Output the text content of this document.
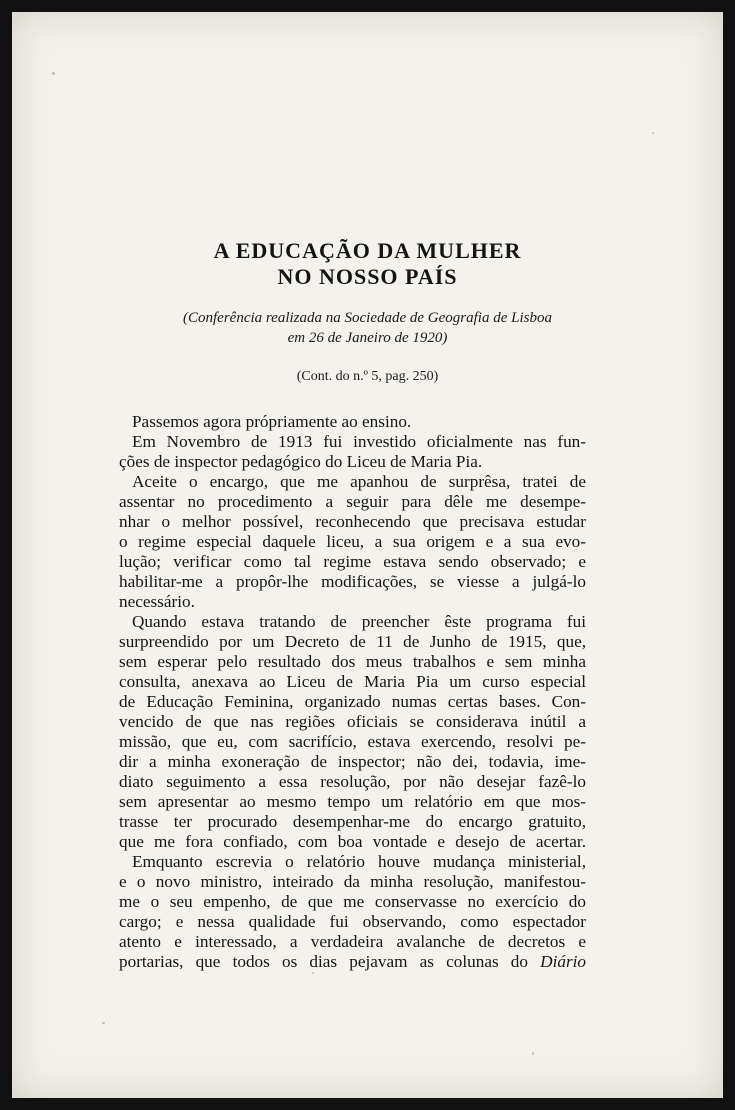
A EDUCAÇÃO DA MULHER
NO NOSSO PAÍS

(Conferência realizada na Sociedade de Geografia de Lisboa

em 26 de Janeiro de 1920)

(Cont. do n.º 5, pag. 250)

Passemos agora própriamente ao ensino.

Em Novembro de 1913 fui investido oficialmente nas fun-

ções de inspector pedagógico do Liceu de Maria Pia.

Aceite o encargo, que me apanhou de surprêsa, tratei de

assentar no procedimento a seguir para dêle me desempe-

nhar o melhor possível, reconhecendo que precisava estudar

o regime especial daquele liceu, a sua origem e a sua evo-

lução; verificar como tal regime estava sendo observado; e

habilitar-me a propôr-lhe modificações, se viesse a julgá-lo

necessário.

Quando estava tratando de preencher êste programa fui

surpreendido por um Decreto de 11 de Junho de 1915, que,

sem esperar pelo resultado dos meus trabalhos e sem minha

consulta, anexava ao Liceu de Maria Pia um curso especial

de Educação Feminina, organizado numas certas bases. Con-

vencido de que nas regiões oficiais se considerava inútil a

missão, que eu, com sacrifício, estava exercendo, resolvi pe-

dir a minha exoneração de inspector; não dei, todavia, ime-

diato seguimento a essa resolução, por não desejar fazê-lo

sem apresentar ao mesmo tempo um relatório em que mos-

trasse ter procurado desempenhar-me do encargo gratuito,

que me fora confiado, com boa vontade e desejo de acertar.

Emquanto escrevia o relatório houve mudança ministerial,

e o novo ministro, inteirado da minha resolução, manifestou-

me o seu empenho, de que me conservasse no exercício do

cargo; e nessa qualidade fui observando, como espectador

atento e interessado, a verdadeira avalanche de decretos e

portarias, que todos os dias pejavam as colunas do Diário
